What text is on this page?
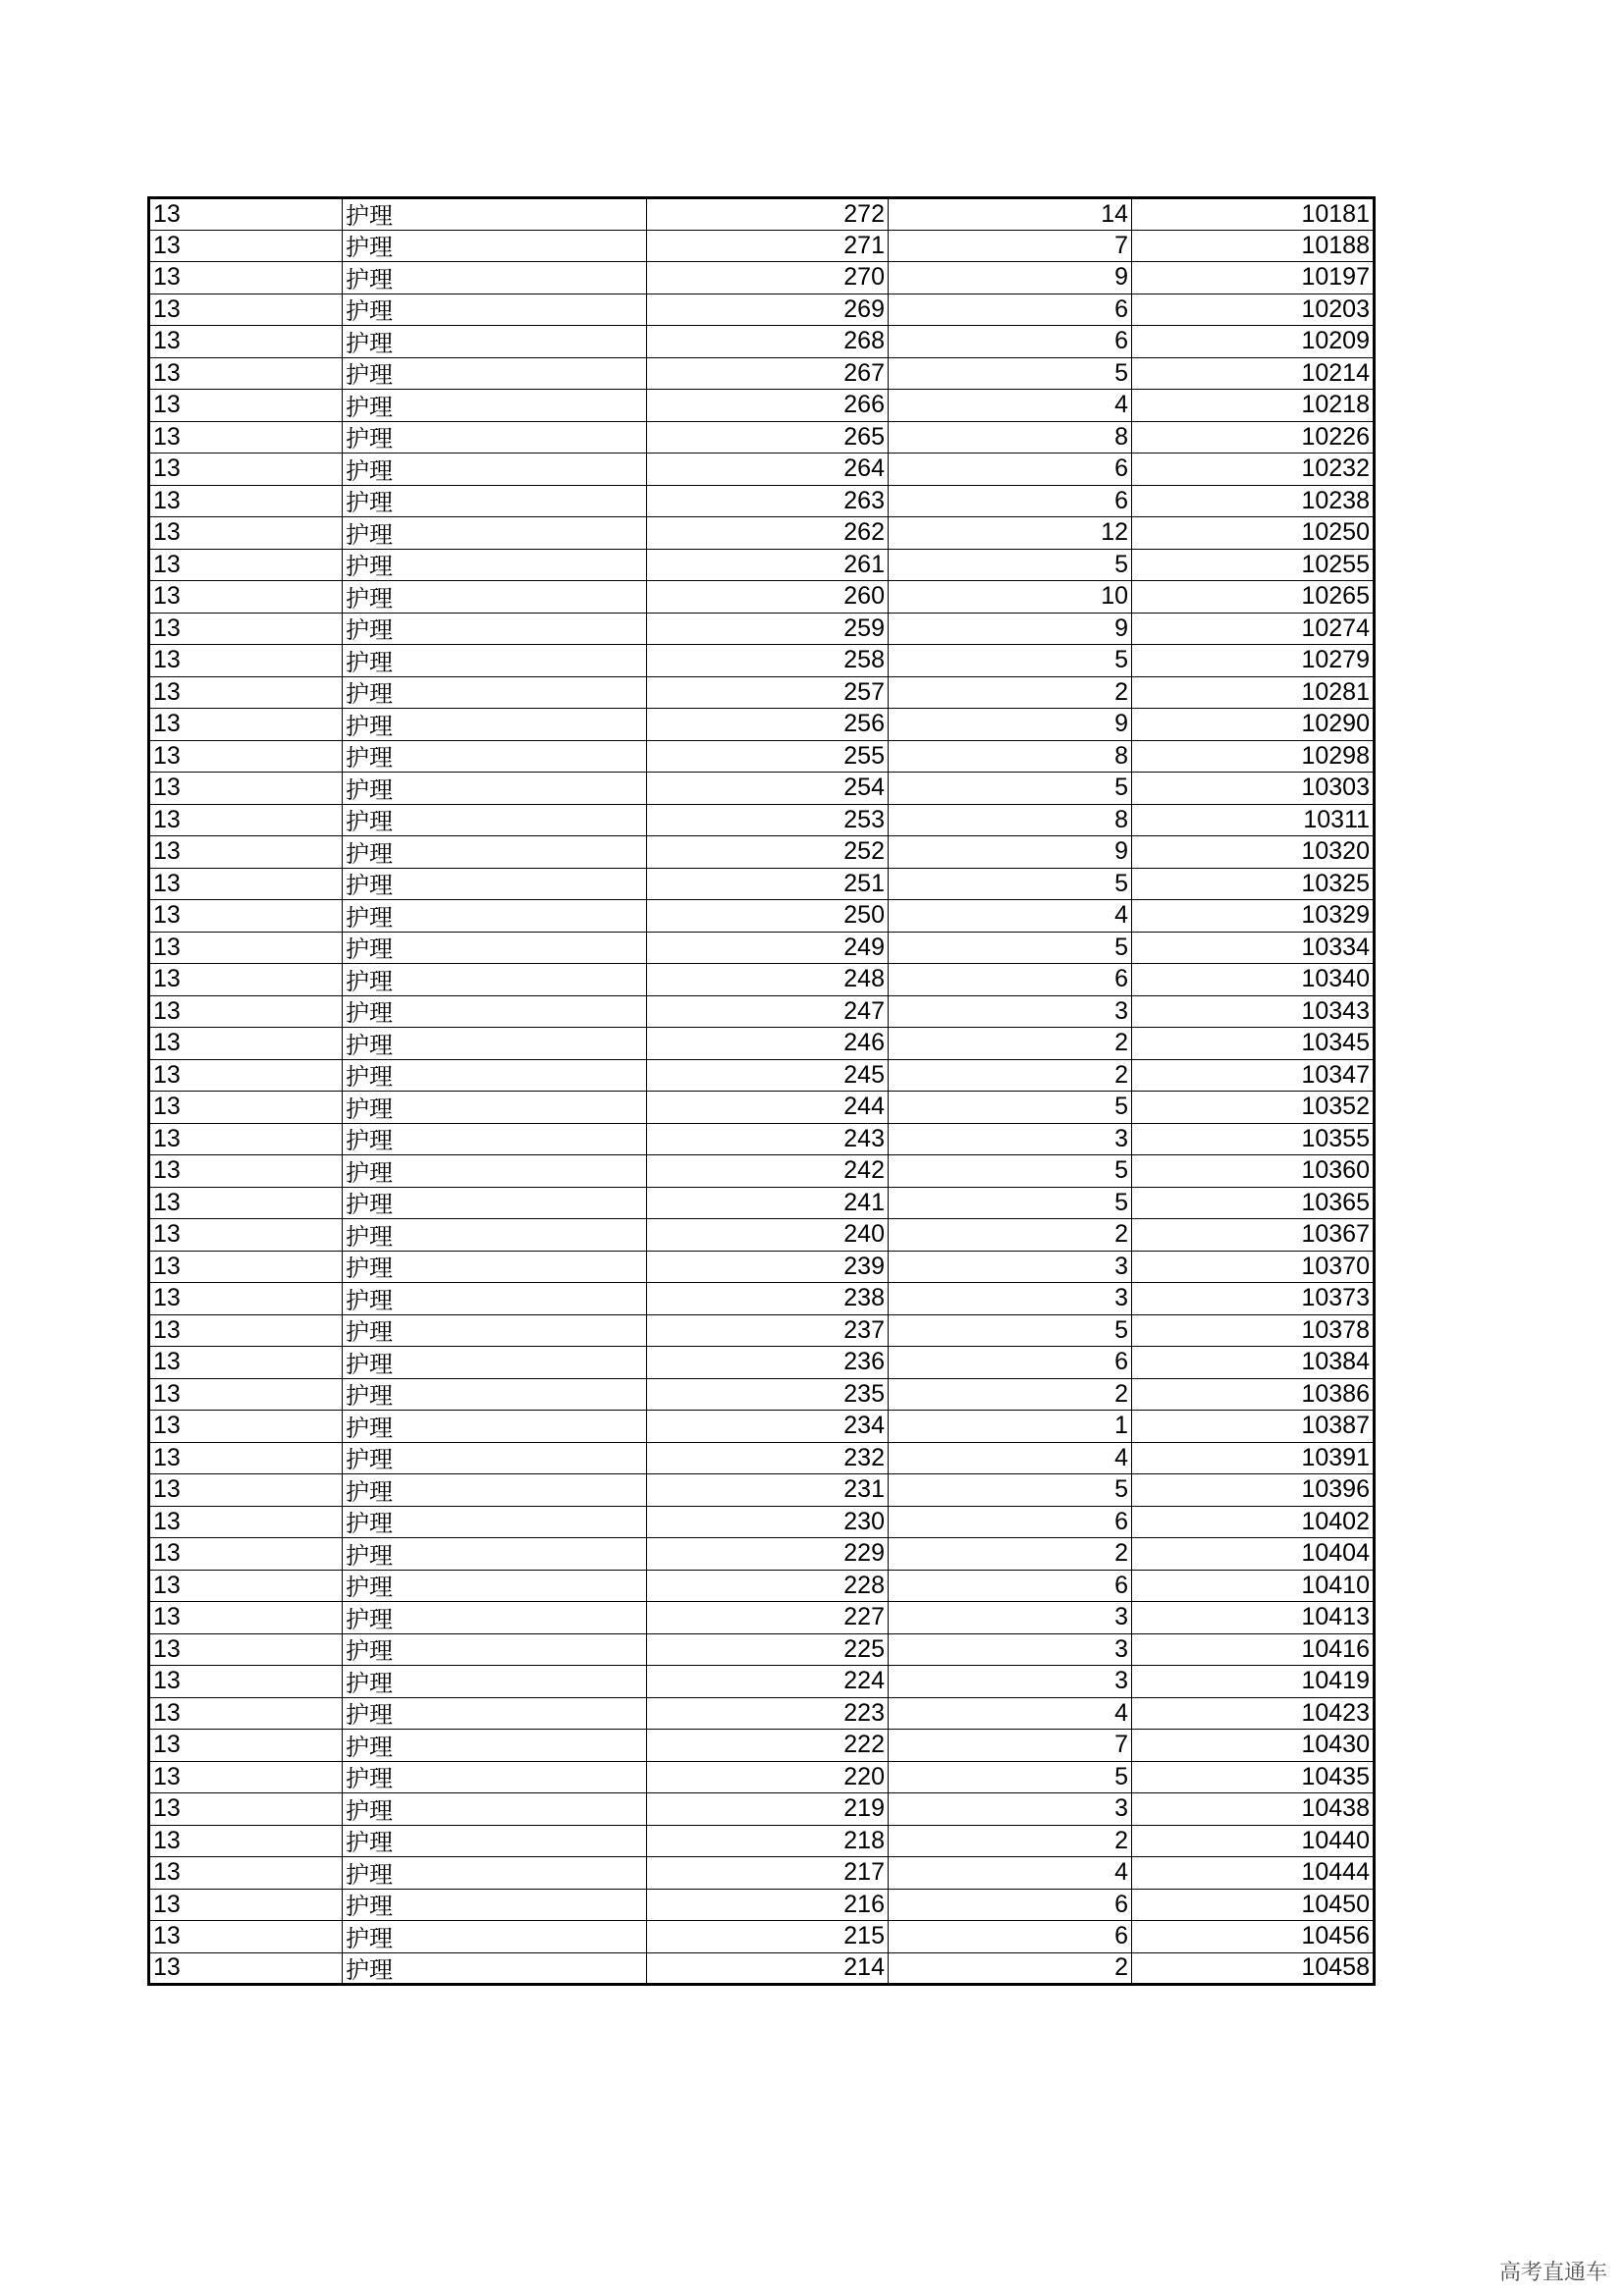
13	护理	272	14	10181
13	护理	271	7	10188
13	护理	270	9	10197
13	护理	269	6	10203
13	护理	268	6	10209
13	护理	267	5	10214
13	护理	266	4	10218
13	护理	265	8	10226
13	护理	264	6	10232
13	护理	263	6	10238
13	护理	262	12	10250
13	护理	261	5	10255
13	护理	260	10	10265
13	护理	259	9	10274
13	护理	258	5	10279
13	护理	257	2	10281
13	护理	256	9	10290
13	护理	255	8	10298
13	护理	254	5	10303
13	护理	253	8	10311
13	护理	252	9	10320
13	护理	251	5	10325
13	护理	250	4	10329
13	护理	249	5	10334
13	护理	248	6	10340
13	护理	247	3	10343
13	护理	246	2	10345
13	护理	245	2	10347
13	护理	244	5	10352
13	护理	243	3	10355
13	护理	242	5	10360
13	护理	241	5	10365
13	护理	240	2	10367
13	护理	239	3	10370
13	护理	238	3	10373
13	护理	237	5	10378
13	护理	236	6	10384
13	护理	235	2	10386
13	护理	234	1	10387
13	护理	232	4	10391
13	护理	231	5	10396
13	护理	230	6	10402
13	护理	229	2	10404
13	护理	228	6	10410
13	护理	227	3	10413
13	护理	225	3	10416
13	护理	224	3	10419
13	护理	223	4	10423
13	护理	222	7	10430
13	护理	220	5	10435
13	护理	219	3	10438
13	护理	218	2	10440
13	护理	217	4	10444
13	护理	216	6	10450
13	护理	215	6	10456
13	护理	214	2	10458
高考直通车
